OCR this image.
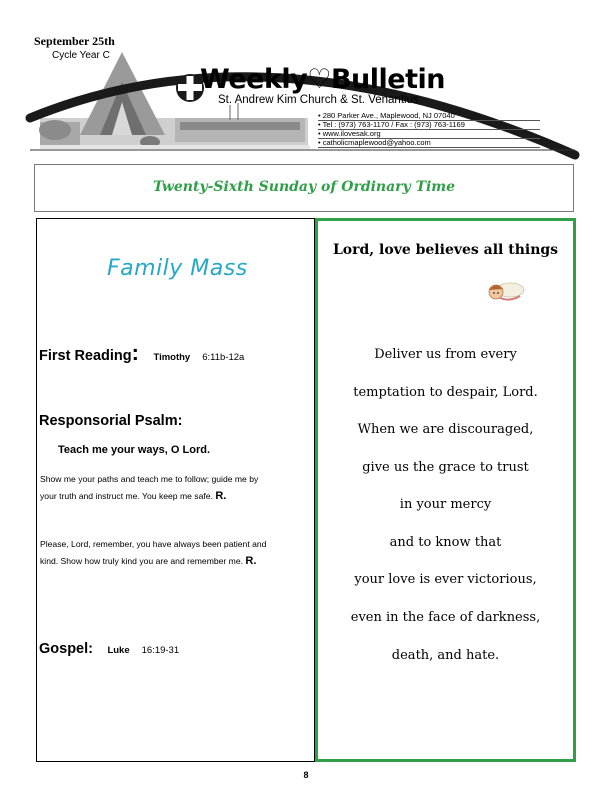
September 25th
Cycle Year C
Weekly♡Bulletin
St. Andrew Kim Church & St. Venantius
• 280 Parker Ave., Maplewood, NJ 07040
• Tel : (973) 763-1170 / Fax : (973) 763-1169
• www.ilovesak.org
• catholicmaplewood@yahoo.com
Twenty-Sixth Sunday of Ordinary Time
Family Mass
First Reading: Timothy 6:11b-12a
Responsorial Psalm:
Teach me your ways, O Lord.
Show me your paths and teach me to follow; guide me by
your truth and instruct me. You keep me safe. R.
Please, Lord, remember, you have always been patient and
kind. Show how truly kind you are and remember me. R.
Gospel: Luke 16:19-31
Lord, love believes all things
Deliver us from every
temptation to despair, Lord.
When we are discouraged,
give us the grace to trust
in your mercy
and to know that
your love is ever victorious,
even in the face of darkness,
death, and hate.
8
